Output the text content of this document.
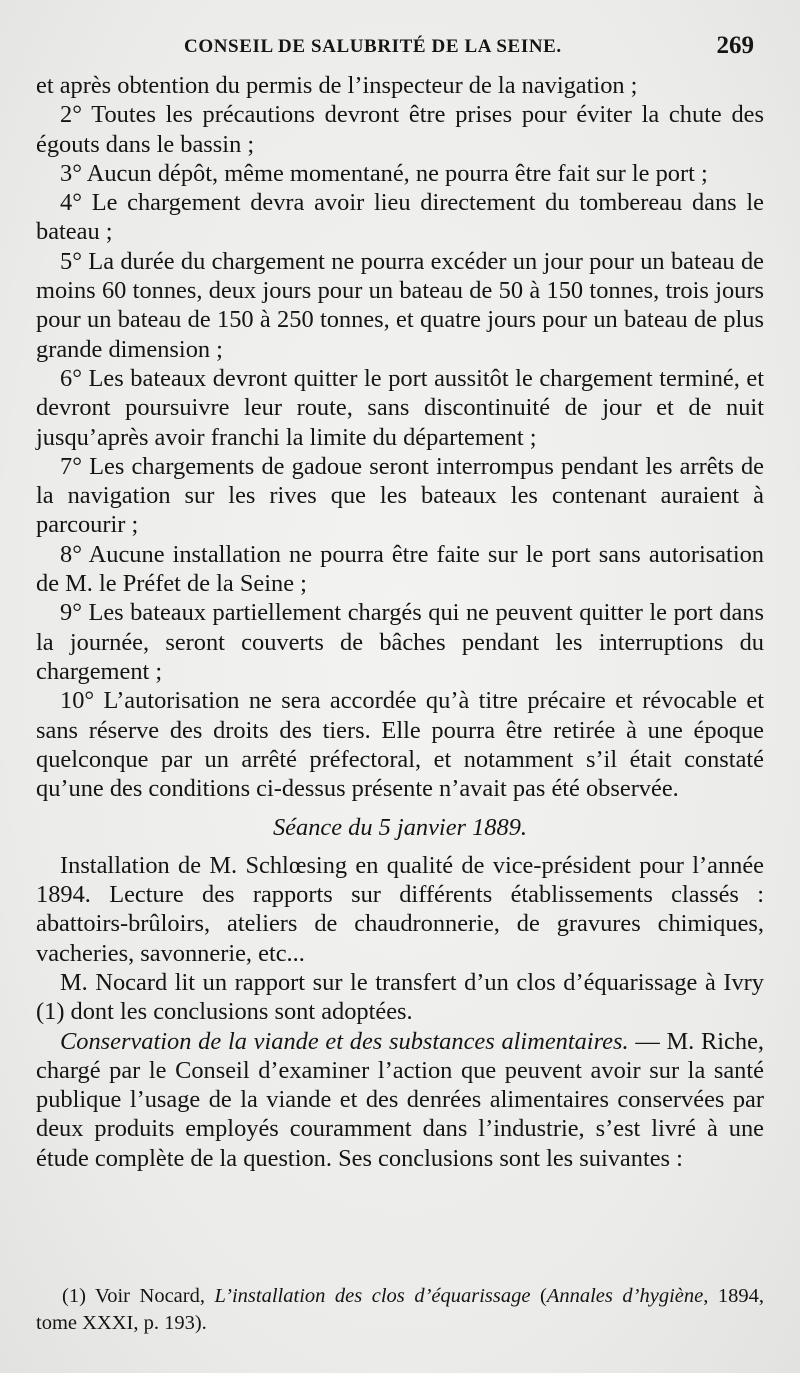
CONSEIL DE SALUBRITÉ DE LA SEINE.	269

et après obtention du permis de l’inspecteur de la navigation ;

2° Toutes les précautions devront être prises pour éviter la chute des égouts dans le bassin ;

3° Aucun dépôt, même momentané, ne pourra être fait sur le port ;

4° Le chargement devra avoir lieu directement du tombereau dans le bateau ;

5° La durée du chargement ne pourra excéder un jour pour un bateau de moins 60 tonnes, deux jours pour un bateau de 50 à 150 tonnes, trois jours pour un bateau de 150 à 250 tonnes, et quatre jours pour un bateau de plus grande dimension ;

6° Les bateaux devront quitter le port aussitôt le chargement terminé, et devront poursuivre leur route, sans discontinuité de jour et de nuit jusqu’après avoir franchi la limite du département ;

7° Les chargements de gadoue seront interrompus pendant les arrêts de la navigation sur les rives que les bateaux les contenant auraient à parcourir ;

8° Aucune installation ne pourra être faite sur le port sans autorisation de M. le Préfet de la Seine ;

9° Les bateaux partiellement chargés qui ne peuvent quitter le port dans la journée, seront couverts de bâches pendant les interruptions du chargement ;

10° L’autorisation ne sera accordée qu’à titre précaire et révocable et sans réserve des droits des tiers. Elle pourra être retirée à une époque quelconque par un arrêté préfectoral, et notamment s’il était constaté qu’une des conditions ci-dessus présente n’avait pas été observée.

Séance du 5 janvier 1889.

Installation de M. Schlœsing en qualité de vice-président pour l’année 1894. Lecture des rapports sur différents établissements classés : abattoirs-brûloirs, ateliers de chaudronnerie, de gravures chimiques, vacheries, savonnerie, etc...

M. Nocard lit un rapport sur le transfert d’un clos d’équarissage à Ivry (1) dont les conclusions sont adoptées.

Conservation de la viande et des substances alimentaires. — M. Riche, chargé par le Conseil d’examiner l’action que peuvent avoir sur la santé publique l’usage de la viande et des denrées alimentaires conservées par deux produits employés couramment dans l’industrie, s’est livré à une étude complète de la question. Ses conclusions sont les suivantes :

(1) Voir Nocard, L’installation des clos d’équarissage (Annales d’hygiène, 1894, tome XXXI, p. 193).
